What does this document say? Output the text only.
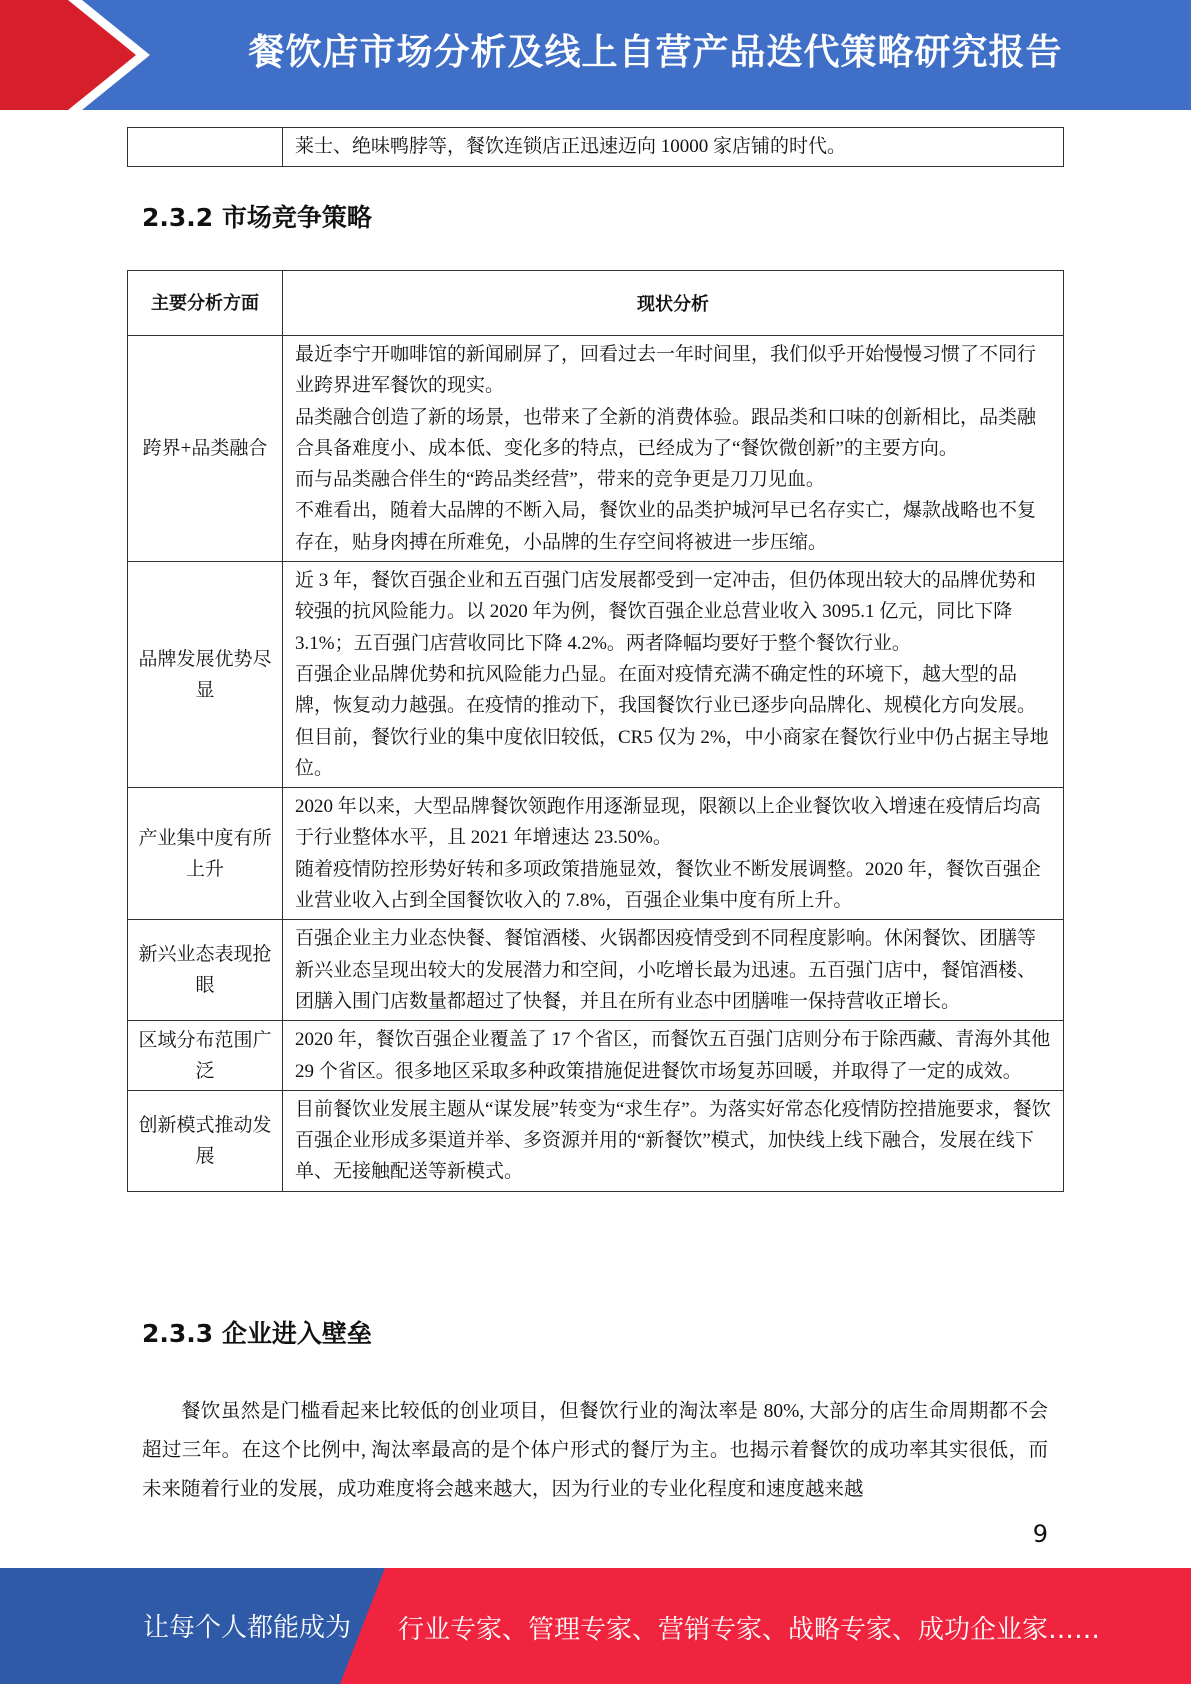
餐饮店市场分析及线上自营产品迭代策略研究报告
	莱士、绝味鸭脖等，餐饮连锁店正迅速迈向 10000 家店铺的时代。
2.3.2 市场竞争策略
主要分析方面	现状分析
跨界+品类融合	最近李宁开咖啡馆的新闻刷屏了，回看过去一年时间里，我们似乎开始慢慢习惯了不同行业跨界进军餐饮的现实。
品类融合创造了新的场景，也带来了全新的消费体验。跟品类和口味的创新相比，品类融合具备难度小、成本低、变化多的特点，已经成为了“餐饮微创新”的主要方向。
而与品类融合伴生的“跨品类经营”，带来的竞争更是刀刀见血。
不难看出，随着大品牌的不断入局，餐饮业的品类护城河早已名存实亡，爆款战略也不复存在，贴身肉搏在所难免，小品牌的生存空间将被进一步压缩。

品牌发展优势尽显	近 3 年，餐饮百强企业和五百强门店发展都受到一定冲击，但仍体现出较大的品牌优势和较强的抗风险能力。以 2020 年为例，餐饮百强企业总营业收入 3095.1 亿元，同比下降 3.1%；五百强门店营收同比下降 4.2%。两者降幅均要好于整个餐饮行业。
百强企业品牌优势和抗风险能力凸显。在面对疫情充满不确定性的环境下，越大型的品牌，恢复动力越强。在疫情的推动下，我国餐饮行业已逐步向品牌化、规模化方向发展。但目前，餐饮行业的集中度依旧较低，CR5 仅为 2%，中小商家在餐饮行业中仍占据主导地位。

产业集中度有所上升	2020 年以来，大型品牌餐饮领跑作用逐渐显现，限额以上企业餐饮收入增速在疫情后均高于行业整体水平，且 2021 年增速达 23.50%。
随着疫情防控形势好转和多项政策措施显效，餐饮业不断发展调整。2020 年，餐饮百强企业营业收入占到全国餐饮收入的 7.8%，百强企业集中度有所上升。

新兴业态表现抢眼	百强企业主力业态快餐、餐馆酒楼、火锅都因疫情受到不同程度影响。休闲餐饮、团膳等新兴业态呈现出较大的发展潜力和空间，小吃增长最为迅速。五百强门店中，餐馆酒楼、团膳入围门店数量都超过了快餐，并且在所有业态中团膳唯一保持营收正增长。

区域分布范围广泛	2020 年，餐饮百强企业覆盖了 17 个省区，而餐饮五百强门店则分布于除西藏、青海外其他 29 个省区。很多地区采取多种政策措施促进餐饮市场复苏回暖，并取得了一定的成效。

创新模式推动发展	目前餐饮业发展主题从“谋发展”转变为“求生存”。为落实好常态化疫情防控措施要求，餐饮百强企业形成多渠道并举、多资源并用的“新餐饮”模式，加快线上线下融合，发展在线下单、无接触配送等新模式。
2.3.3 企业进入壁垒
餐饮虽然是门槛看起来比较低的创业项目，但餐饮行业的淘汰率是 80%, 大部分的店生命周期都不会超过三年。在这个比例中, 淘汰率最高的是个体户形式的餐厅为主。也揭示着餐饮的成功率其实很低，而未来随着行业的发展，成功难度将会越来越大，因为行业的专业化程度和速度越来越
9
让每个人都能成为 行业专家、管理专家、营销专家、战略专家、成功企业家……
